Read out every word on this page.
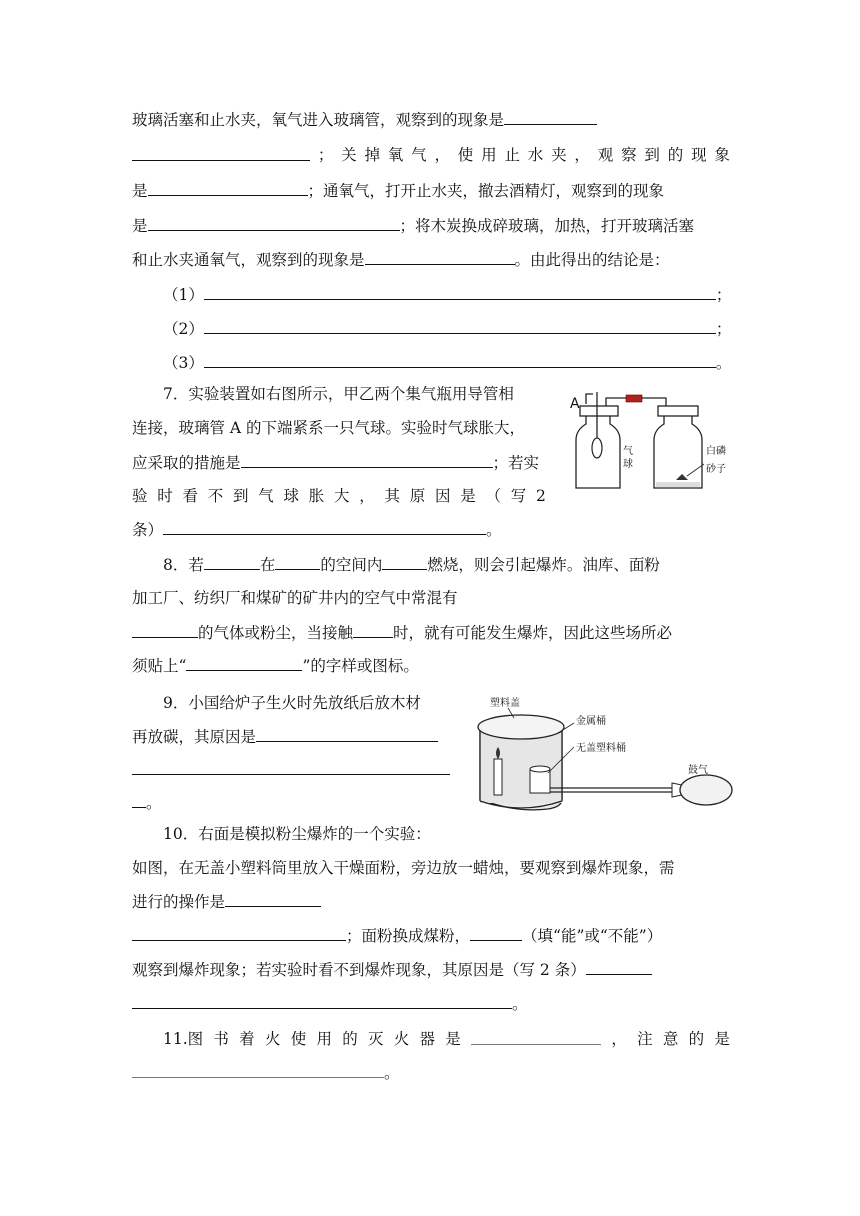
玻璃活塞和止水夹，氧气进入玻璃管，观察到的现象是
； 关 掉 氧 气 ， 使 用 止 水 夹 ， 观 察 到 的 现 象
是	；通氧气，打开止水夹，撤去酒精灯，观察到的现象
是	；将木炭换成碎玻璃，加热，打开玻璃活塞
和止水夹通氧气，观察到的现象是	。由此得出的结论是：
（1）	；
（2）	；
（3）	。
7．实验装置如右图所示，甲乙两个集气瓶用导管相
连接，玻璃管 A 的下端紧系一只气球。实验时气球胀大，
应采取的措施是	；若实
验 时 看 不 到 气 球 胀 大 ， 其 原 因 是 （ 写 2
条）	。
A
气
球
白磷
砂子
8．若	在	的空间内	燃烧，则会引起爆炸。油库、面粉
加工厂、纺织厂和煤矿的矿井内的空气中常混有
的气体或粉尘，当接触	时，就有可能发生爆炸，因此这些场所必
须贴上“	”的字样或图标。
9．小国给炉子生火时先放纸后放木材
再放碳，其原因是
。
塑料盖
金属桶
无盖塑料桶
鼓气
10．右面是模拟粉尘爆炸的一个实验：
如图，在无盖小塑料筒里放入干燥面粉，旁边放一蜡烛，要观察到爆炸现象，需
进行的操作是
；面粉换成煤粉，	（填“能”或“不能”）
观察到爆炸现象；若实验时看不到爆炸现象，其原因是（写 2 条）
。
11.图 书 着 火 使 用 的 灭 火 器 是	， 注 意 的 是
。
